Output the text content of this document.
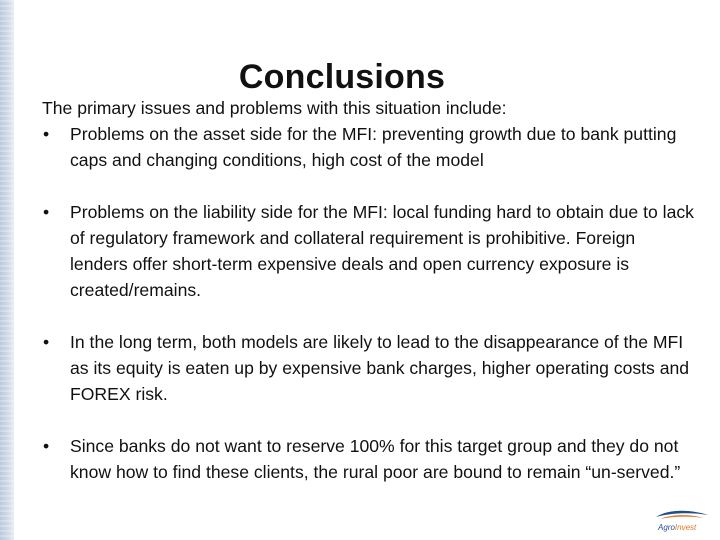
Conclusions

The primary issues and problems with this situation include:

• Problems on the asset side for the MFI: preventing growth due to bank putting caps and changing conditions, high cost of the model
• Problems on the liability side for the MFI: local funding hard to obtain due to lack of regulatory framework and collateral requirement is prohibitive. Foreign lenders offer short-term expensive deals and open currency exposure is created/remains.
• In the long term, both models are likely to lead to the disappearance of the MFI as its equity is eaten up by expensive bank charges, higher operating costs and FOREX risk.
• Since banks do not want to reserve 100% for this target group and they do not know how to find these clients, the rural poor are bound to remain “un-served.”
AgroInvest
